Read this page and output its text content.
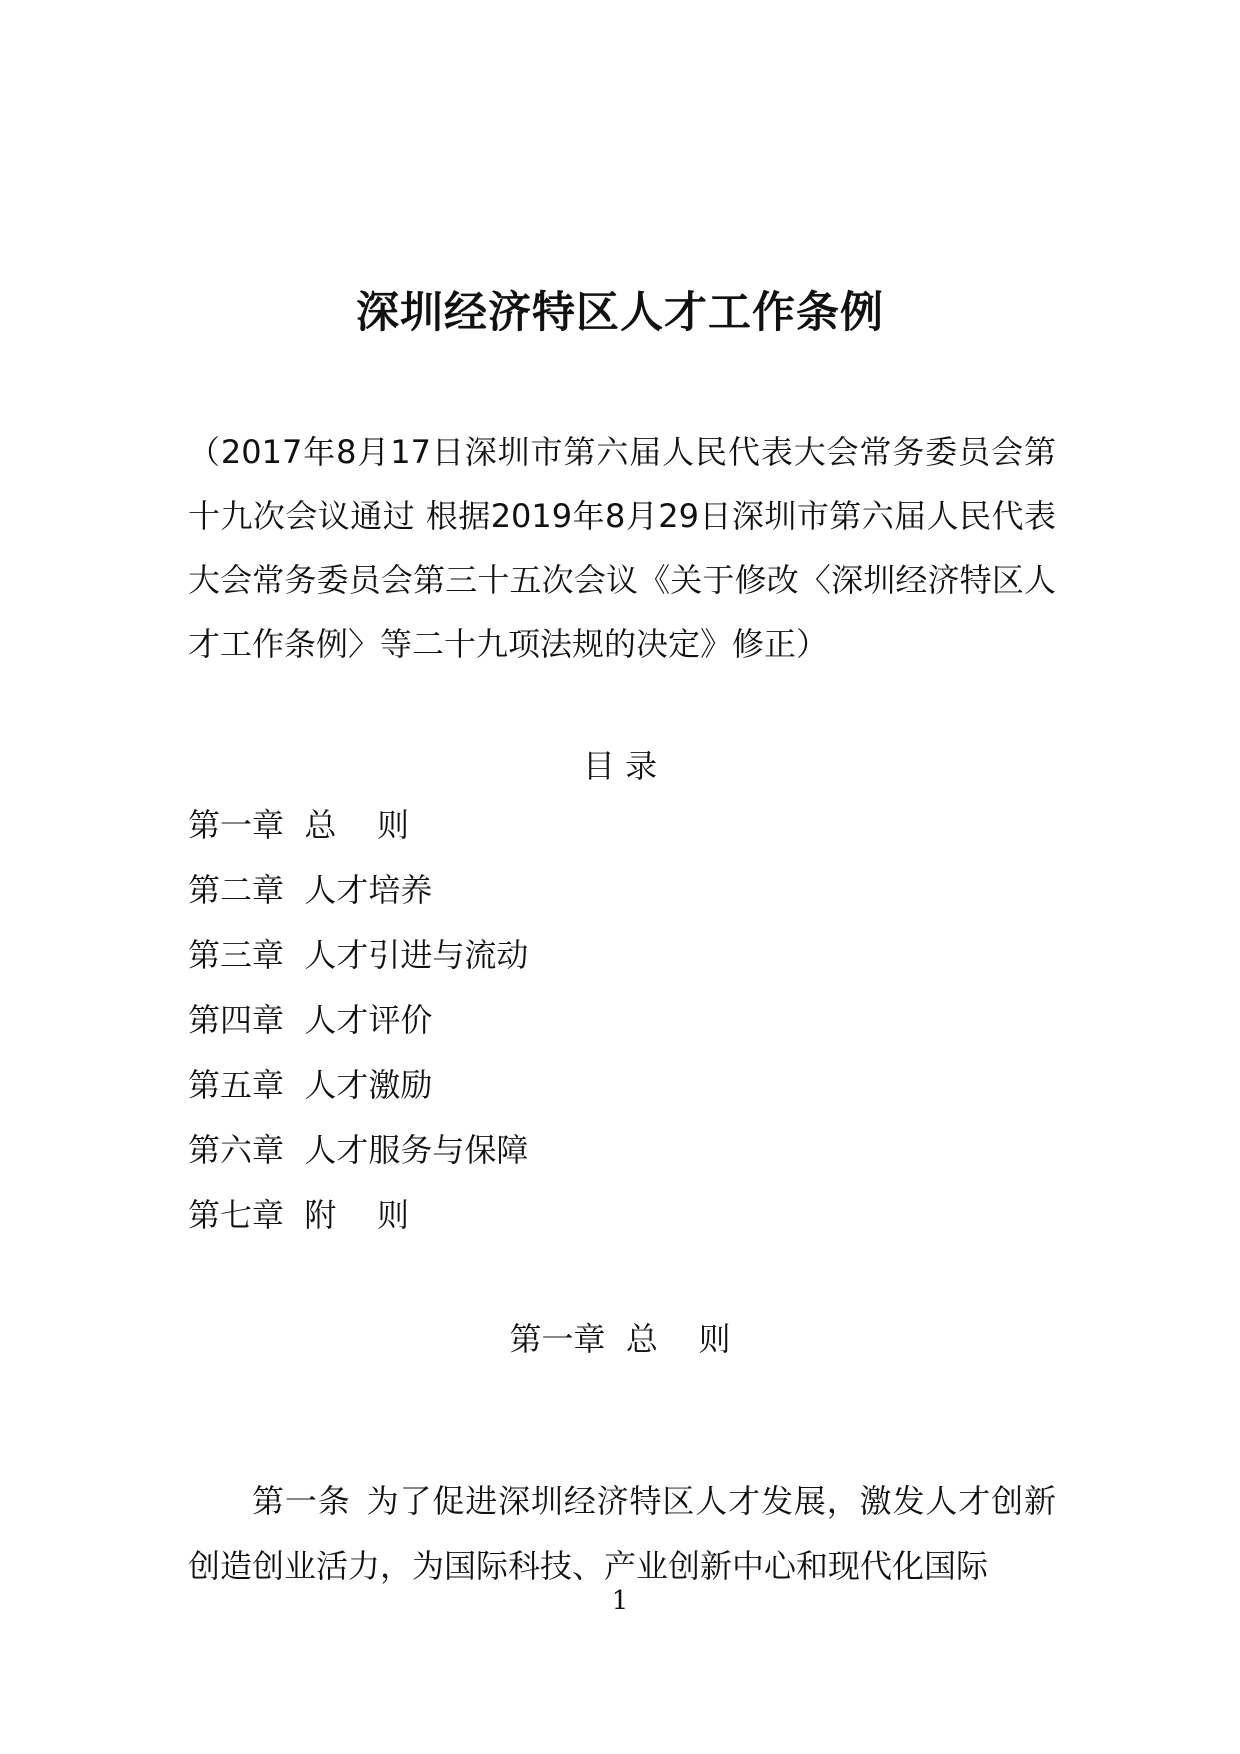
深圳经济特区人才工作条例
（2017年8月17日深圳市第六届人民代表大会常务委员会第十九次会议通过 根据2019年8月29日深圳市第六届人民代表大会常务委员会第三十五次会议《关于修改〈深圳经济特区人才工作条例〉等二十九项法规的决定》修正）
目 录
第一章  总    则
第二章  人才培养
第三章  人才引进与流动
第四章  人才评价
第五章  人才激励
第六章  人才服务与保障
第七章  附    则
第一章  总    则

第一条 为了促进深圳经济特区人才发展，激发人才创新创造创业活力，为国际科技、产业创新中心和现代化国际

1
